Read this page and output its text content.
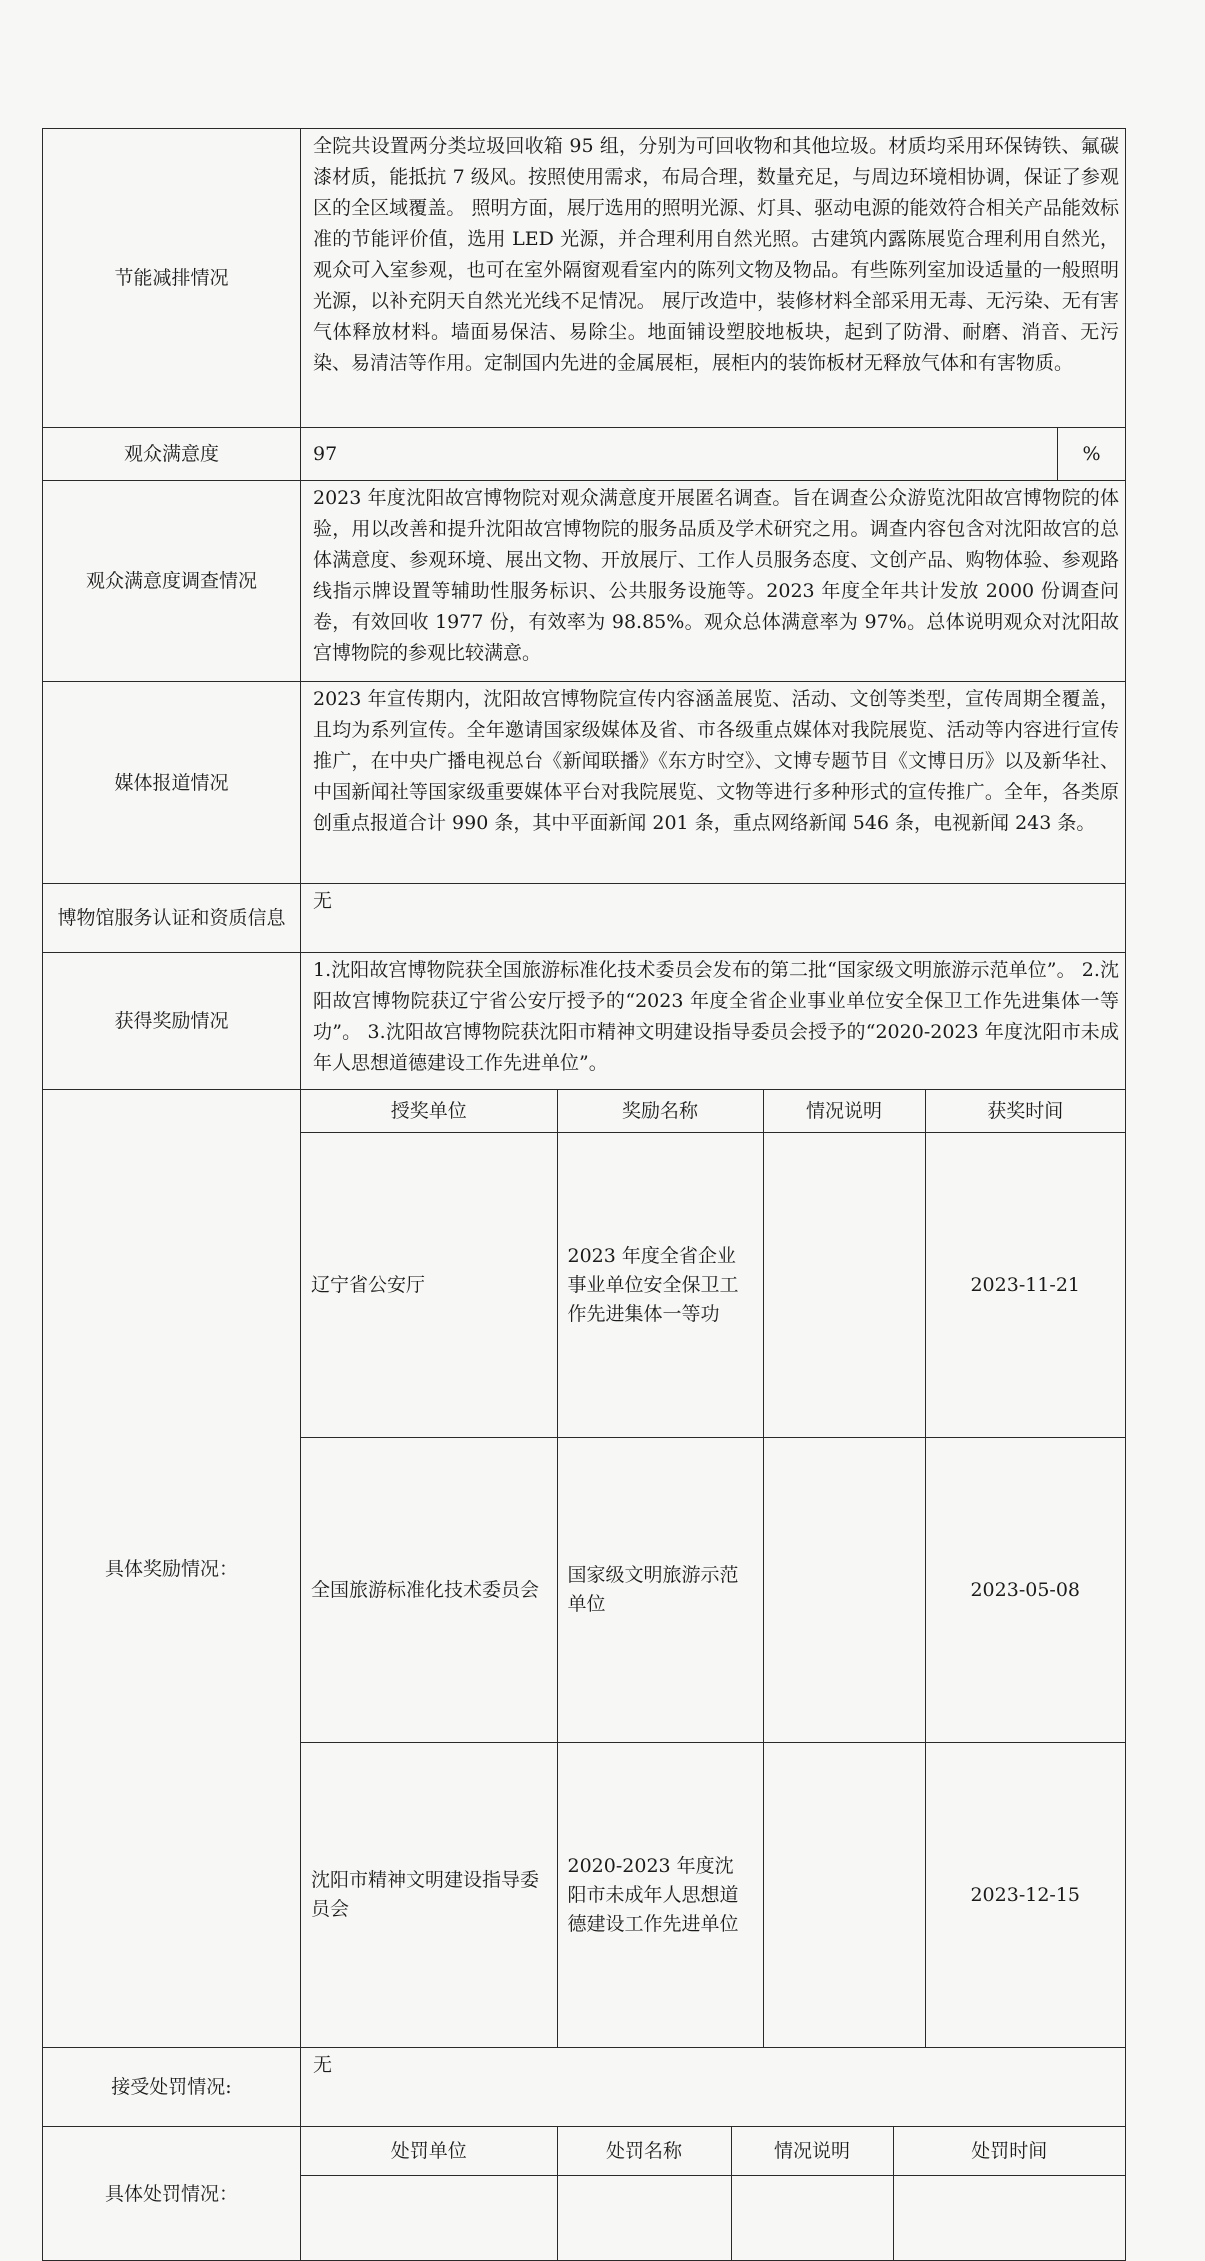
节能减排情况	全院共设置两分类垃圾回收箱 95 组，分别为可回收物和其他垃圾。材质均采用环保铸铁、氟碳漆材质，能抵抗 7 级风。按照使用需求，布局合理，数量充足，与周边环境相协调，保证了参观区的全区域覆盖。 照明方面，展厅选用的照明光源、灯具、驱动电源的能效符合相关产品能效标准的节能评价值，选用 LED 光源，并合理利用自然光照。古建筑内露陈展览合理利用自然光，观众可入室参观，也可在室外隔窗观看室内的陈列文物及物品。有些陈列室加设适量的一般照明光源，以补充阴天自然光光线不足情况。 展厅改造中，装修材料全部采用无毒、无污染、无有害气体释放材料。墙面易保洁、易除尘。地面铺设塑胶地板块，起到了防滑、耐磨、消音、无污染、易清洁等作用。定制国内先进的金属展柜，展柜内的装饰板材无释放气体和有害物质。
观众满意度	97	%
观众满意度调查情况	2023 年度沈阳故宫博物院对观众满意度开展匿名调查。旨在调查公众游览沈阳故宫博物院的体验，用以改善和提升沈阳故宫博物院的服务品质及学术研究之用。调查内容包含对沈阳故宫的总体满意度、参观环境、展出文物、开放展厅、工作人员服务态度、文创产品、购物体验、参观路线指示牌设置等辅助性服务标识、公共服务设施等。2023 年度全年共计发放 2000 份调查问卷，有效回收 1977 份，有效率为 98.85%。观众总体满意率为 97%。总体说明观众对沈阳故宫博物院的参观比较满意。
媒体报道情况	2023 年宣传期内，沈阳故宫博物院宣传内容涵盖展览、活动、文创等类型，宣传周期全覆盖，且均为系列宣传。全年邀请国家级媒体及省、市各级重点媒体对我院展览、活动等内容进行宣传推广，在中央广播电视总台《新闻联播》《东方时空》、文博专题节目《文博日历》以及新华社、中国新闻社等国家级重要媒体平台对我院展览、文物等进行多种形式的宣传推广。全年，各类原创重点报道合计 990 条，其中平面新闻 201 条，重点网络新闻 546 条，电视新闻 243 条。
博物馆服务认证和资质信息	无
获得奖励情况	1.沈阳故宫博物院获全国旅游标准化技术委员会发布的第二批“国家级文明旅游示范单位”。 2.沈阳故宫博物院获辽宁省公安厅授予的“2023 年度全省企业事业单位安全保卫工作先进集体一等功”。 3.沈阳故宫博物院获沈阳市精神文明建设指导委员会授予的“2020-2023 年度沈阳市未成年人思想道德建设工作先进单位”。
具体奖励情况：	
授奖单位	奖励名称	情况说明	获奖时间
辽宁省公安厅	2023 年度全省企业事业单位安全保卫工作先进集体一等功		2023-11-21
全国旅游标准化技术委员会	国家级文明旅游示范单位		2023-05-08
沈阳市精神文明建设指导委员会	2020-2023 年度沈阳市未成年人思想道德建设工作先进单位		2023-12-15

接受处罚情况:	无
具体处罚情况：	
处罚单位	处罚名称	情况说明	处罚时间
